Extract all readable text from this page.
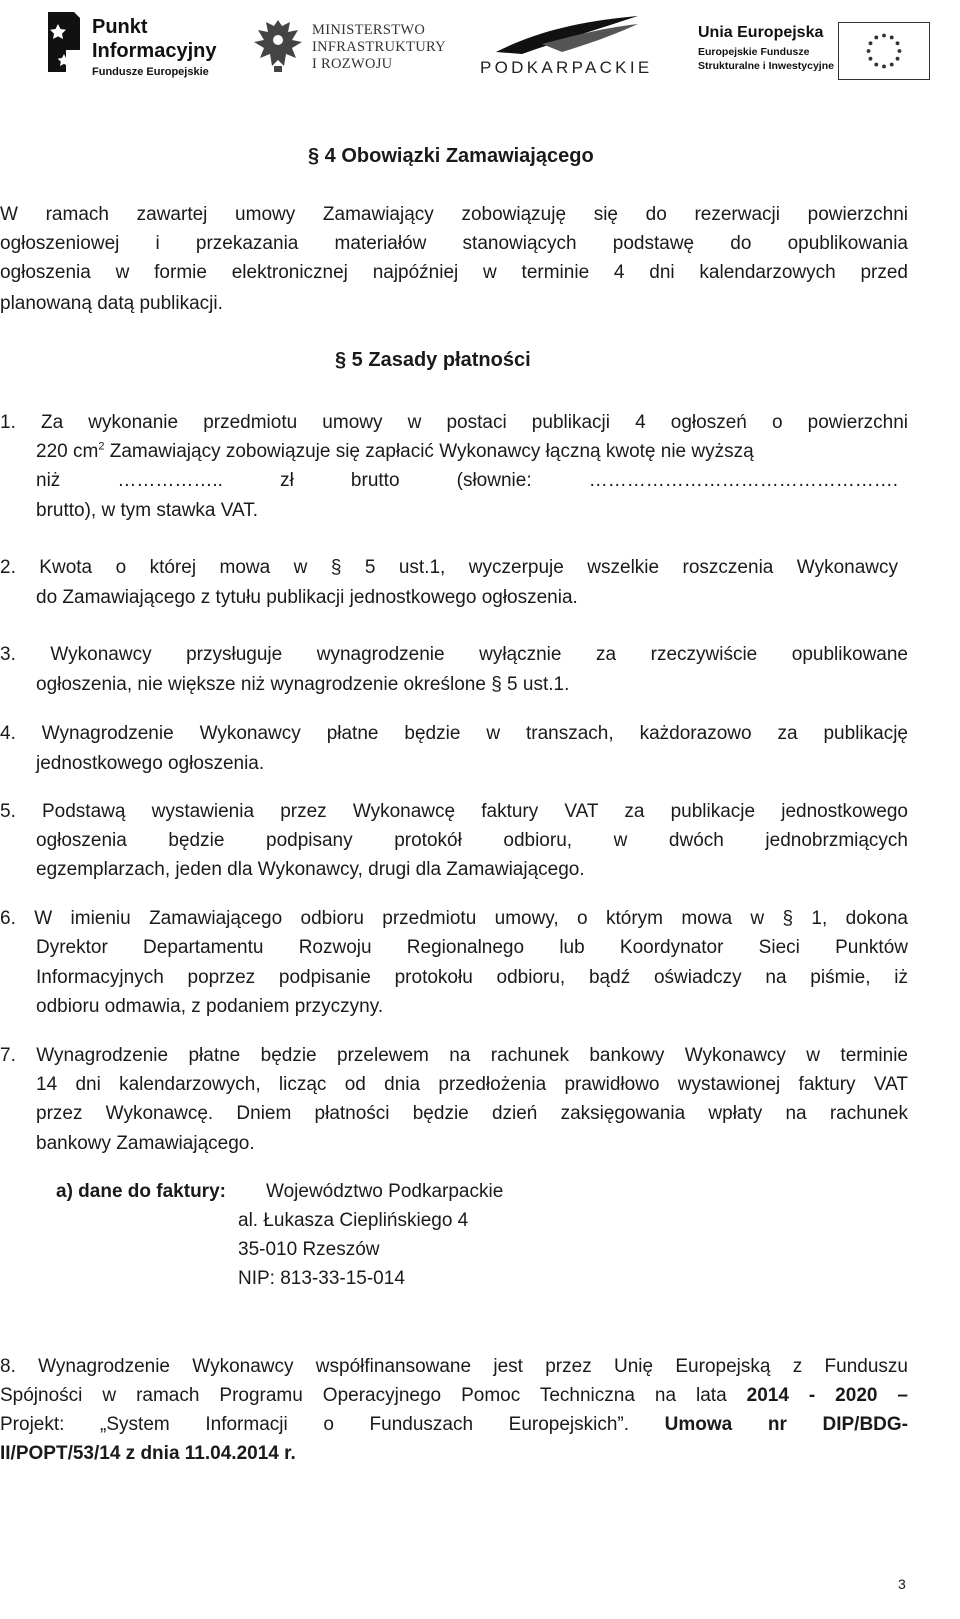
Punkt
Informacyjny
Fundusze Europejskie
MINISTERSTWO
INFRASTRUKTURY
I ROZWOJU	PODKARPACKIE
Unia Europejska
Europejskie Fundusze
Strukturalne i Inwestycyjne
§ 4 Obowiązki Zamawiającego

W ramach zawartej umowy Zamawiający zobowiązuję się do rezerwacji powierzchni

ogłoszeniowej i przekazania materiałów stanowiących podstawę do opublikowania

ogłoszenia w formie elektronicznej najpóźniej w terminie 4 dni kalendarzowych przed

planowaną datą publikacji.

§ 5 Zasady płatności

1. Za wykonanie przedmiotu umowy w postaci publikacji 4 ogłoszeń o powierzchni

220 $cm^2$ Zamawiający zobowiązuje się zapłacić Wykonawcy łączną kwotę nie wyższą

niż …………….. zł brutto (słownie: ………………………………………….

brutto), w tym stawka VAT.

2. Kwota o której mowa w § 5 ust.1, wyczerpuje wszelkie roszczenia Wykonawcy

do Zamawiającego z tytułu publikacji jednostkowego ogłoszenia.

3. Wykonawcy przysługuje wynagrodzenie wyłącznie za rzeczywiście opublikowane

ogłoszenia, nie większe niż wynagrodzenie określone § 5 ust.1.

4. Wynagrodzenie Wykonawcy płatne będzie w transzach, każdorazowo za publikację

jednostkowego ogłoszenia.

5. Podstawą wystawienia przez Wykonawcę faktury VAT za publikacje jednostkowego

ogłoszenia będzie podpisany protokół odbioru, w dwóch jednobrzmiących

egzemplarzach, jeden dla Wykonawcy, drugi dla Zamawiającego.

6. W imieniu Zamawiającego odbioru przedmiotu umowy, o którym mowa w § 1, dokona

Dyrektor Departamentu Rozwoju Regionalnego lub Koordynator Sieci Punktów

Informacyjnych poprzez podpisanie protokołu odbioru, bądź oświadczy na piśmie, iż

odbioru odmawia, z podaniem przyczyny.

7. Wynagrodzenie płatne będzie przelewem na rachunek bankowy Wykonawcy w terminie

14 dni kalendarzowych, licząc od dnia przedłożenia prawidłowo wystawionej faktury VAT

przez Wykonawcę. Dniem płatności będzie dzień zaksięgowania wpłaty na rachunek

bankowy Zamawiającego.

a) dane do faktury: Województwo Podkarpackie

al. Łukasza Cieplińskiego 4

35-010 Rzeszów

NIP: 813-33-15-014

8. Wynagrodzenie Wykonawcy współfinansowane jest przez Unię Europejską z Funduszu

Spójności w ramach Programu Operacyjnego Pomoc Techniczna na lata 2014 - 2020 –

Projekt: „System Informacji o Funduszach Europejskich”. Umowa nr DIP/BDG-

II/POPT/53/14 z dnia 11.04.2014 r.

3
